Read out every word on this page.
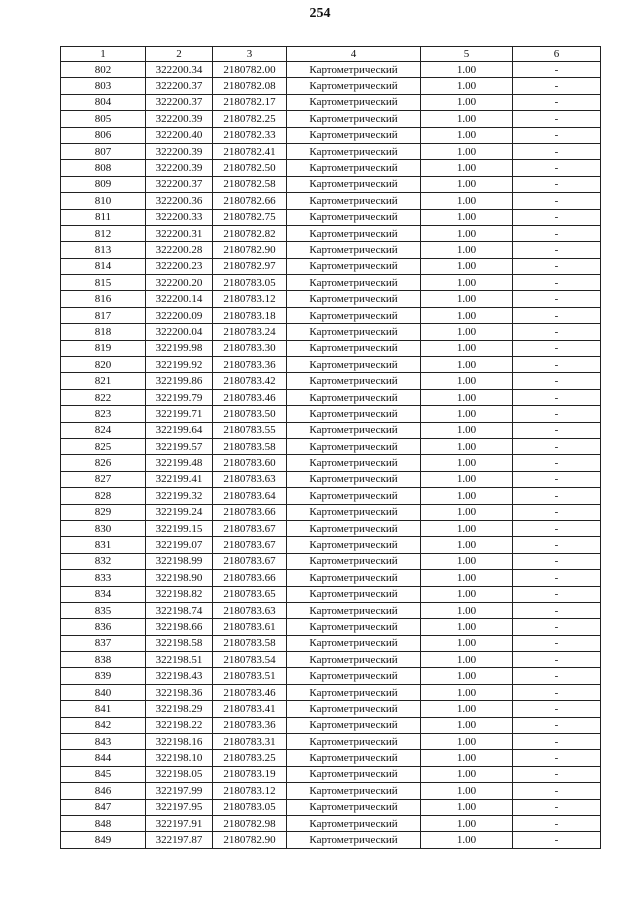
254
1	2	3	4	5	6
802	322200.34	2180782.00	Картометрический	1.00	-
803	322200.37	2180782.08	Картометрический	1.00	-
804	322200.37	2180782.17	Картометрический	1.00	-
805	322200.39	2180782.25	Картометрический	1.00	-
806	322200.40	2180782.33	Картометрический	1.00	-
807	322200.39	2180782.41	Картометрический	1.00	-
808	322200.39	2180782.50	Картометрический	1.00	-
809	322200.37	2180782.58	Картометрический	1.00	-
810	322200.36	2180782.66	Картометрический	1.00	-
811	322200.33	2180782.75	Картометрический	1.00	-
812	322200.31	2180782.82	Картометрический	1.00	-
813	322200.28	2180782.90	Картометрический	1.00	-
814	322200.23	2180782.97	Картометрический	1.00	-
815	322200.20	2180783.05	Картометрический	1.00	-
816	322200.14	2180783.12	Картометрический	1.00	-
817	322200.09	2180783.18	Картометрический	1.00	-
818	322200.04	2180783.24	Картометрический	1.00	-
819	322199.98	2180783.30	Картометрический	1.00	-
820	322199.92	2180783.36	Картометрический	1.00	-
821	322199.86	2180783.42	Картометрический	1.00	-
822	322199.79	2180783.46	Картометрический	1.00	-
823	322199.71	2180783.50	Картометрический	1.00	-
824	322199.64	2180783.55	Картометрический	1.00	-
825	322199.57	2180783.58	Картометрический	1.00	-
826	322199.48	2180783.60	Картометрический	1.00	-
827	322199.41	2180783.63	Картометрический	1.00	-
828	322199.32	2180783.64	Картометрический	1.00	-
829	322199.24	2180783.66	Картометрический	1.00	-
830	322199.15	2180783.67	Картометрический	1.00	-
831	322199.07	2180783.67	Картометрический	1.00	-
832	322198.99	2180783.67	Картометрический	1.00	-
833	322198.90	2180783.66	Картометрический	1.00	-
834	322198.82	2180783.65	Картометрический	1.00	-
835	322198.74	2180783.63	Картометрический	1.00	-
836	322198.66	2180783.61	Картометрический	1.00	-
837	322198.58	2180783.58	Картометрический	1.00	-
838	322198.51	2180783.54	Картометрический	1.00	-
839	322198.43	2180783.51	Картометрический	1.00	-
840	322198.36	2180783.46	Картометрический	1.00	-
841	322198.29	2180783.41	Картометрический	1.00	-
842	322198.22	2180783.36	Картометрический	1.00	-
843	322198.16	2180783.31	Картометрический	1.00	-
844	322198.10	2180783.25	Картометрический	1.00	-
845	322198.05	2180783.19	Картометрический	1.00	-
846	322197.99	2180783.12	Картометрический	1.00	-
847	322197.95	2180783.05	Картометрический	1.00	-
848	322197.91	2180782.98	Картометрический	1.00	-
849	322197.87	2180782.90	Картометрический	1.00	-
